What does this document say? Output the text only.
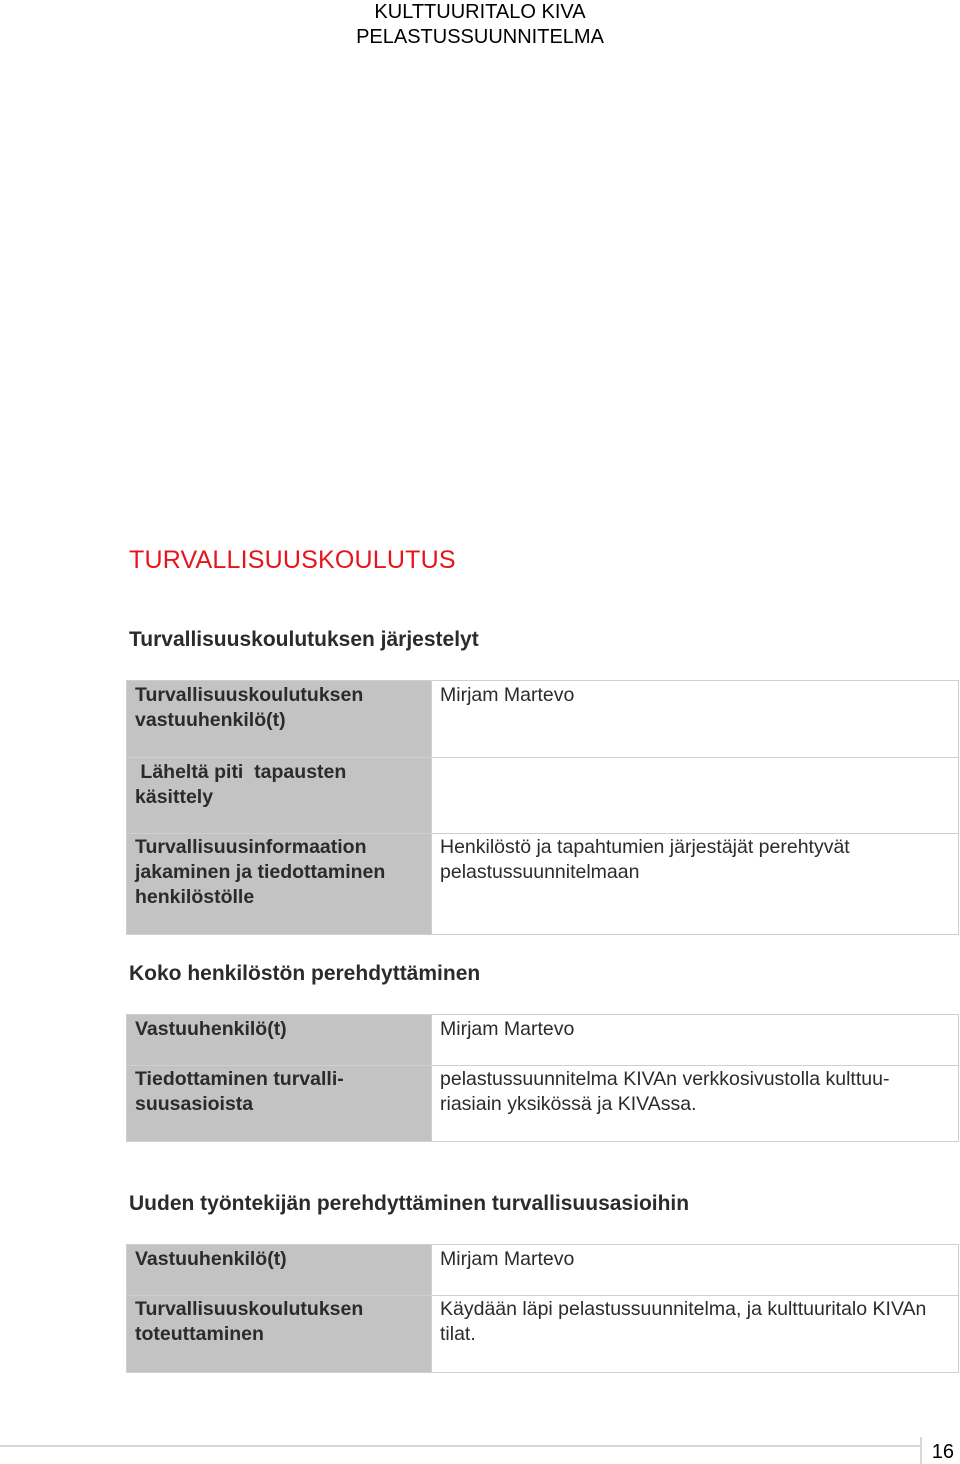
KULTTUURITALO KIVA
PELASTUSSUUNNITELMA
TURVALLISUUSKOULUTUS
Turvallisuuskoulutuksen järjestelyt
Turvallisuuskoulutuksen vastuuhenkilö(t)	Mirjam Martevo
Läheltä piti  tapausten käsittely	
Turvallisuusinformaation jakaminen ja tiedottaminen henkilöstölle	Henkilöstö ja tapahtumien järjestäjät perehtyvät pelastussuunnitelmaan
Koko henkilöstön perehdyttäminen
Vastuuhenkilö(t)	Mirjam Martevo
Tiedottaminen turvalli-suusasioista	pelastussuunnitelma KIVAn verkkosivustolla kulttuu-riasiain yksikössä ja KIVAssa.
Uuden työntekijän perehdyttäminen turvallisuusasioihin
Vastuuhenkilö(t)	Mirjam Martevo
Turvallisuuskoulutuksen toteuttaminen	Käydään läpi pelastussuunnitelma, ja kulttuuritalo KIVAn tilat.
16
